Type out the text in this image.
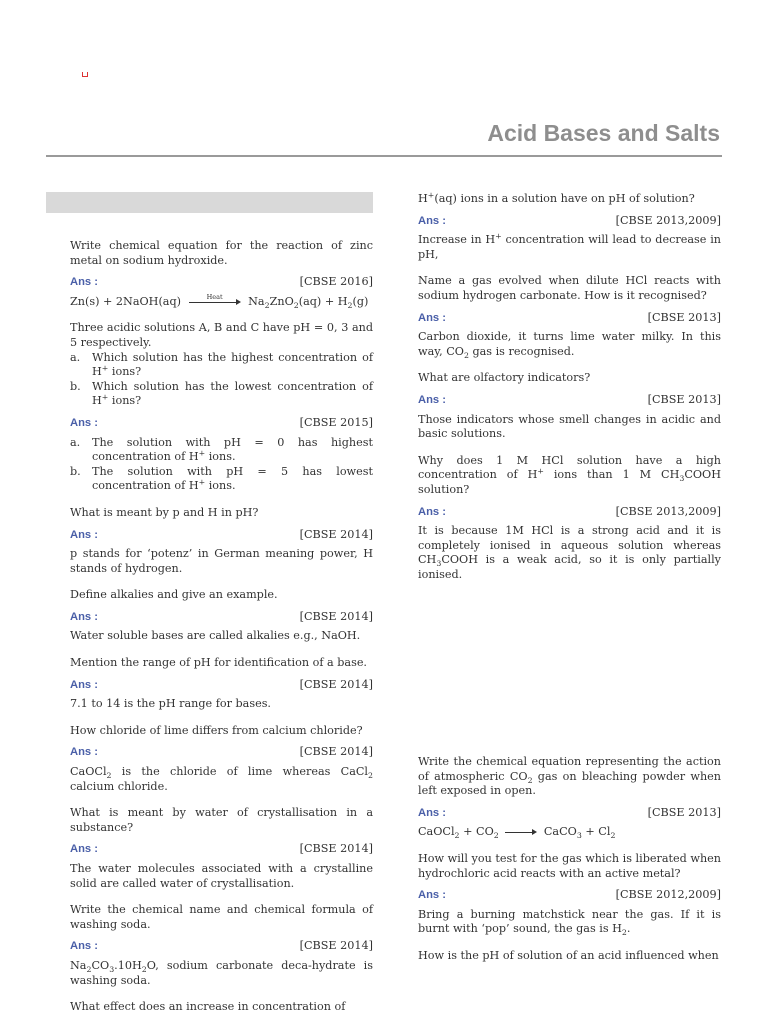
Acid Bases and Salts

Write chemical equation for the reaction of zinc metal on sodium hydroxide.

Ans :	[CBSE 2016]
Zn(s) + 2NaOH(aq)	Heat	$Na_2ZnO_2(aq) + H_2(g)$

Three acidic solutions A, B and C have pH = 0, 3 and 5 respectively.

a.	Which solution has the highest concentration of H+ ions?
b.	Which solution has the lowest concentration of H+ ions?
Ans :	[CBSE 2015]
a.	The solution with pH = 0 has highest concentration of H+ ions.
b.	The solution with pH = 5 has lowest concentration of H+ ions.

What is meant by p and H in pH?

Ans :	[CBSE 2014]

p stands for ‘potenz’ in German meaning power, H stands of hydrogen.

Define alkalies and give an example.

Ans :	[CBSE 2014]

Water soluble bases are called alkalies e.g., NaOH.

Mention the range of pH for identification of a base.

Ans :	[CBSE 2014]

7.1 to 14 is the pH range for bases.

How chloride of lime differs from calcium chloride?

Ans :	[CBSE 2014]

CaOCl$_2$ is the chloride of lime whereas CaCl$_2$ calcium chloride.

What is meant by water of crystallisation in a substance?

Ans :	[CBSE 2014]

The water molecules associated with a crystalline solid are called water of crystallisation.

Write the chemical name and chemical formula of washing soda.

Ans :	[CBSE 2014]

$Na_2CO_3.10H_2O$, sodium carbonate deca-hydrate is washing soda.

What effect does an increase in concentration of

H+(aq) ions in a solution have on pH of solution?

Ans :	[CBSE 2013,2009]

Increase in H+ concentration will lead to decrease in pH,

Name a gas evolved when dilute HCl reacts with sodium hydrogen carbonate. How is it recognised?

Ans :	[CBSE 2013]

Carbon dioxide, it turns lime water milky. In this way, $CO_2$ gas is recognised.

What are olfactory indicators?

Ans :	[CBSE 2013]

Those indicators whose smell changes in acidic and basic solutions.

Why does 1 M HCl solution have a high concentration of H+ ions than 1 M $CH_3COOH$ solution?

Ans :	[CBSE 2013,2009]

It is because 1M HCl is a strong acid and it is completely ionised in aqueous solution whereas $CH_3COOH$ is a weak acid, so it is only partially ionised.

Write the chemical equation representing the action of atmospheric $CO_2$ gas on bleaching powder when left exposed in open.

Ans :	[CBSE 2013]
CaOCl$_2$ + $CO_2$	CaCO$_3$ + $Cl_2$

How will you test for the gas which is liberated when hydrochloric acid reacts with an active metal?

Ans :	[CBSE 2012,2009]

Bring a burning matchstick near the gas. If it is burnt with ‘pop’ sound, the gas is $H_2$.

How is the pH of solution of an acid influenced when
